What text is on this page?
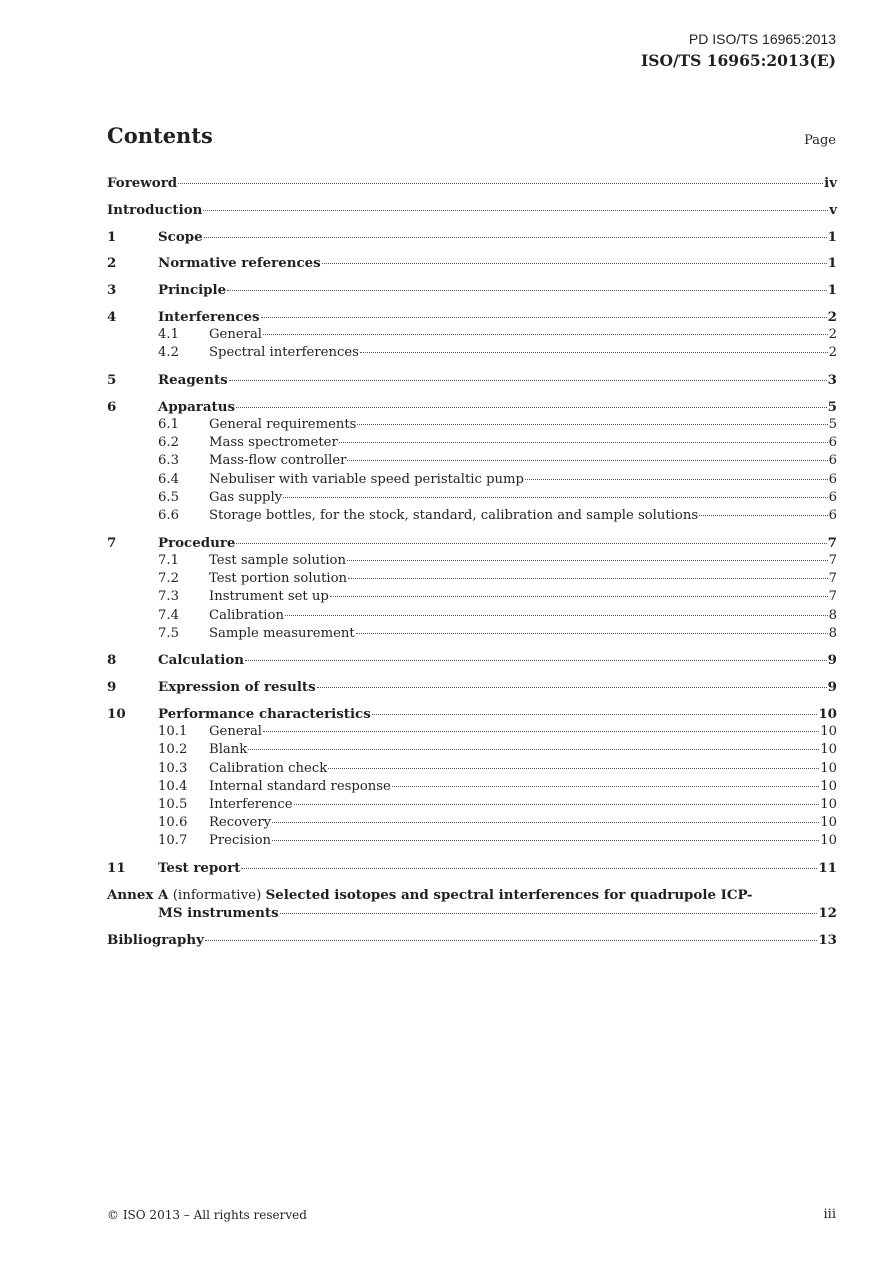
PD ISO/TS 16965:2013
ISO/TS 16965:2013(E)
Contents	Page
Foreword	iv
Introduction	v
1	Scope	1
2	Normative references	1
3	Principle	1
4	Interferences	2
4.1 General	2
4.2 Spectral interferences	2
5	Reagents	3
6	Apparatus	5
6.1 General requirements	5
6.2 Mass spectrometer	6
6.3 Mass-flow controller	6
6.4 Nebuliser with variable speed peristaltic pump	6
6.5 Gas supply	6
6.6 Storage bottles, for the stock, standard, calibration and sample solutions	6
7	Procedure	7
7.1 Test sample solution	7
7.2 Test portion solution	7
7.3 Instrument set up	7
7.4 Calibration	8
7.5 Sample measurement	8
8	Calculation	9
9	Expression of results	9
10 Performance characteristics	10
10.1 General	10
10.2 Blank	10
10.3 Calibration check	10
10.4 Internal standard response	10
10.5 Interference	10
10.6 Recovery	10
10.7 Precision	10
11 Test report	11
Annex A (informative) Selected isotopes and spectral interferences for quadrupole ICP-
MS instruments	12
Bibliography	13
© ISO 2013 – All rights reserved	iii
